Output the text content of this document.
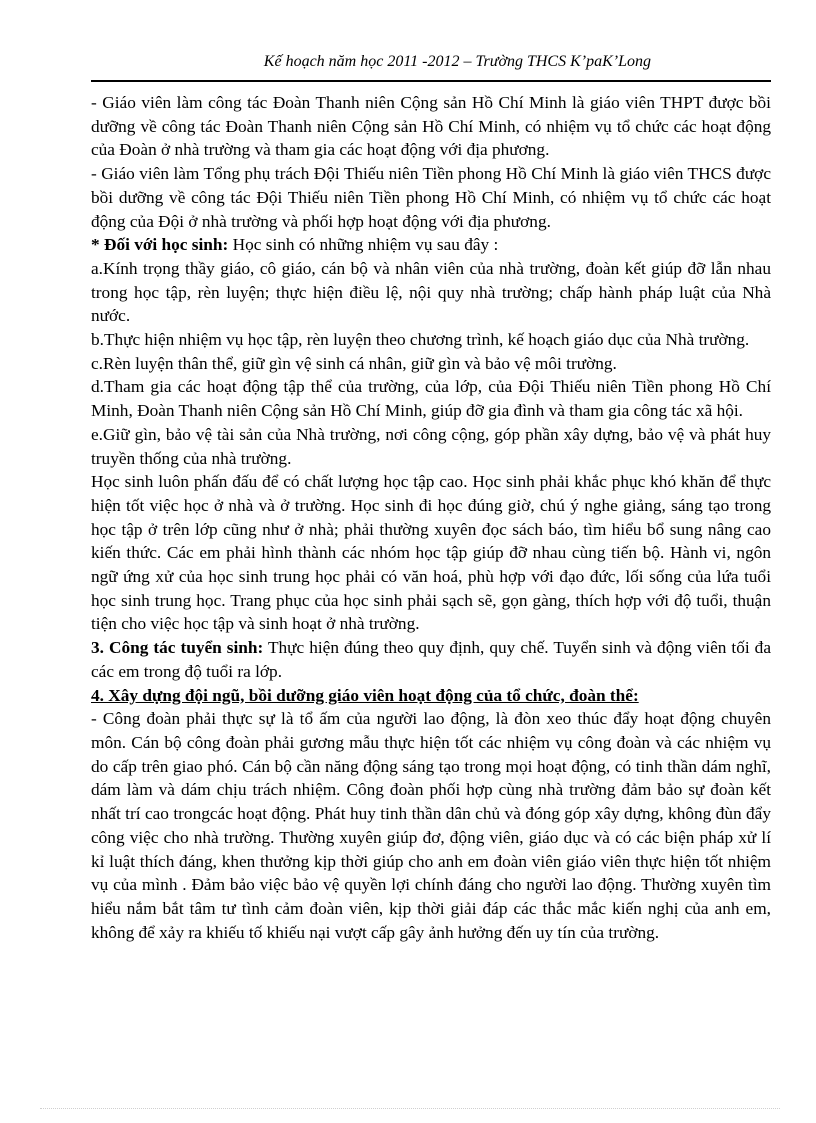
Kế hoạch năm học 2011 -2012 – Trường THCS K’paK’Long

- Giáo viên làm công tác Đoàn Thanh niên Cộng sản Hồ Chí Minh là giáo viên THPT được bồi dưỡng về công tác Đoàn Thanh niên Cộng sản Hồ Chí Minh, có nhiệm vụ tổ chức các hoạt động của Đoàn ở nhà trường và tham gia các hoạt động với địa phương.

- Giáo viên làm Tổng phụ trách Đội Thiếu niên Tiền phong Hồ Chí Minh là giáo viên THCS được bồi dưỡng về công tác Đội Thiếu niên Tiền phong Hồ Chí Minh, có nhiệm vụ tổ chức các hoạt động của Đội ở nhà trường và phối hợp hoạt động với địa phương.

* Đối với học sinh: Học sinh có những nhiệm vụ sau đây :

a.Kính trọng thầy giáo, cô giáo, cán bộ và nhân viên của nhà trường, đoàn kết giúp đỡ lẫn nhau trong học tập, rèn luyện; thực hiện điều lệ, nội quy nhà trường; chấp hành pháp luật của Nhà nước.

b.Thực hiện nhiệm vụ học tập, rèn luyện theo chương trình, kế hoạch giáo dục của Nhà trường.

c.Rèn luyện thân thể, giữ gìn vệ sinh cá nhân, giữ gìn và bảo vệ môi trường.

d.Tham gia các hoạt động tập thể của trường, của lớp, của Đội Thiếu niên Tiền phong Hồ Chí Minh, Đoàn Thanh niên Cộng sản Hồ Chí Minh, giúp đỡ gia đình và tham gia công tác xã hội.

e.Giữ gìn, bảo vệ tài sản của Nhà trường, nơi công cộng, góp phần xây dựng, bảo vệ và phát huy truyền thống của nhà trường.

Học sinh luôn phấn đấu để có chất lượng học tập cao. Học sinh phải khắc phục khó khăn để thực hiện tốt việc học ở nhà và ở trường. Học sinh đi học đúng giờ, chú ý nghe giảng, sáng tạo trong học tập ở trên lớp cũng như ở nhà; phải thường xuyên đọc sách báo, tìm hiểu bổ sung nâng cao kiến thức. Các em phải hình thành các nhóm học tập giúp đỡ nhau cùng tiến bộ. Hành vi, ngôn ngữ ứng xử của học sinh trung học phải có văn hoá, phù hợp với đạo đức, lối sống của lứa tuổi học sinh trung học. Trang phục của học sinh phải sạch sẽ, gọn gàng, thích hợp với độ tuổi, thuận tiện cho việc học tập và sinh hoạt ở nhà trường.

3. Công tác tuyển sinh: Thực hiện đúng theo quy định, quy chế. Tuyển sinh và động viên tối đa các em trong độ tuổi ra lớp.

4. Xây dựng đội ngũ, bồi dưỡng giáo viên hoạt động của tổ chức, đoàn thể:

- Công đoàn phải thực sự là tổ ấm của người lao động, là đòn xeo thúc đẩy hoạt động chuyên môn. Cán bộ công đoàn phải gương mẫu thực hiện tốt các nhiệm vụ công đoàn và các nhiệm vụ do cấp trên giao phó. Cán bộ cần năng động sáng tạo trong mọi hoạt động, có tinh thần dám nghĩ, dám làm và dám chịu trách nhiệm. Công đoàn phối hợp cùng nhà trường đảm bảo sự đoàn kết nhất trí cao trongcác hoạt động. Phát huy tinh thần dân chủ và đóng góp xây dựng, không đùn đẩy công việc cho nhà trường. Thường xuyên giúp đơ, động viên, giáo dục và có các biện pháp xử lí kỉ luật thích đáng, khen thưởng kịp thời giúp cho anh em đoàn viên giáo viên thực hiện tốt nhiệm vụ của mình . Đảm bảo việc bảo vệ quyền lợi chính đáng cho người lao động. Thường xuyên tìm hiểu nắm bắt tâm tư tình cảm đoàn viên, kịp thời giải đáp các thắc mắc kiến nghị của anh em, không để xảy ra khiếu tố khiếu nại vượt cấp gây ảnh hưởng đến uy tín của trường.
